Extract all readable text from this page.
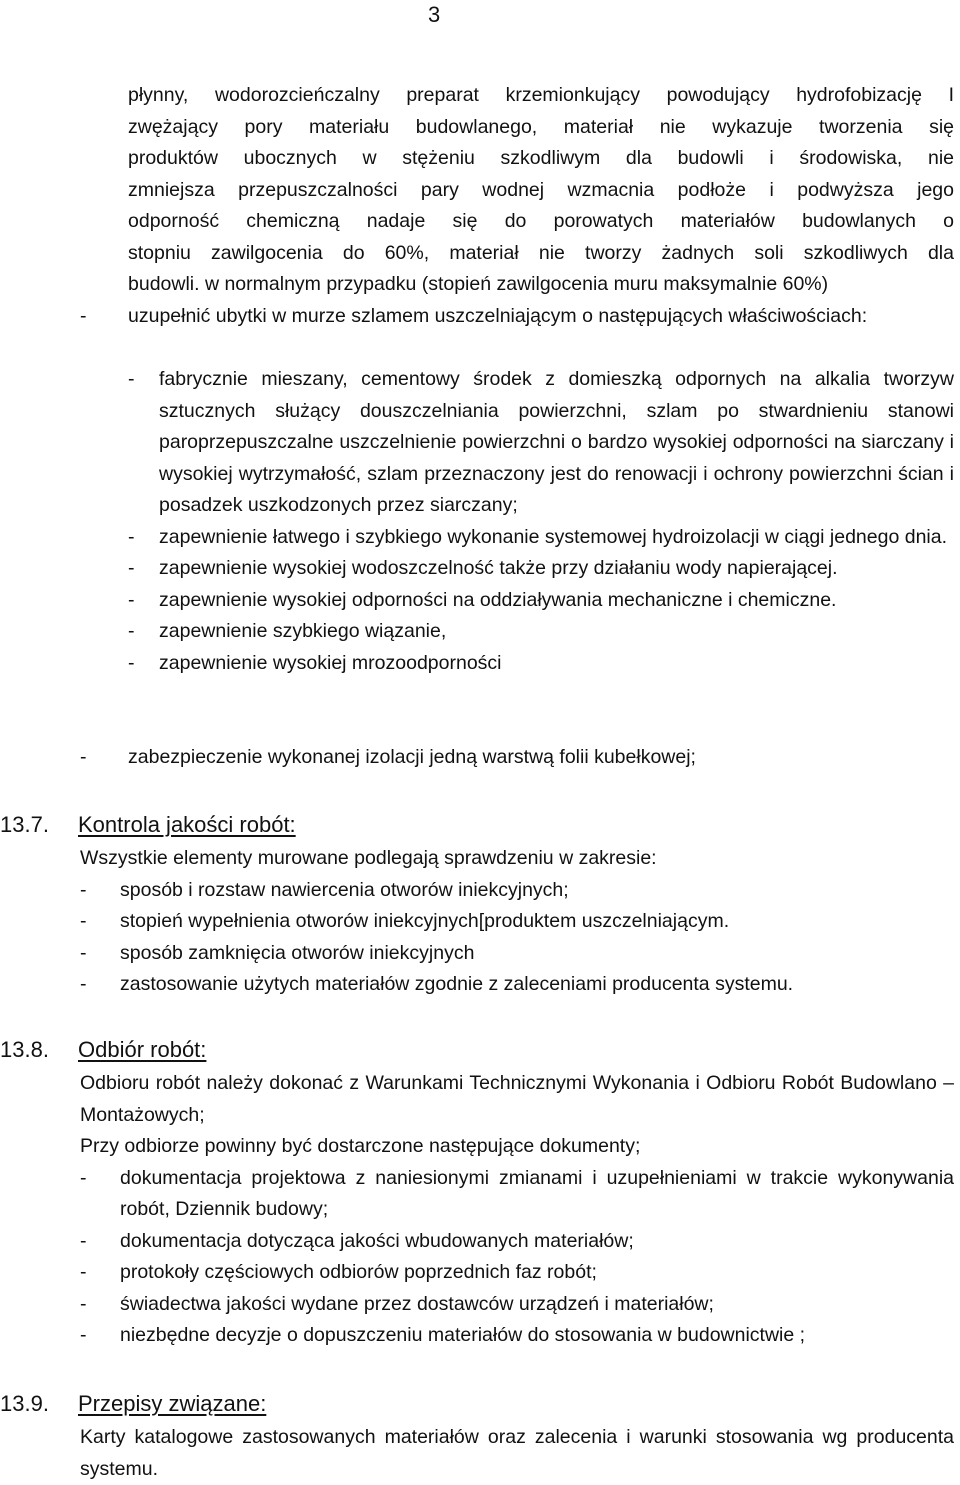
3
płynny, wodorozcieńczalny preparat krzemionkujący powodujący hydrofobizację I
zwężający pory materiału budowlanego, materiał nie wykazuje tworzenia się
produktów ubocznych w stężeniu szkodliwym dla budowli i środowiska, nie
zmniejsza przepuszczalności pary wodnej wzmacnia podłoże i podwyższa jego
odporność chemiczną nadaje się do porowatych materiałów budowlanych o
stopniu zawilgocenia do 60%, materiał nie tworzy żadnych soli szkodliwych dla
budowli. w normalnym przypadku (stopień zawilgocenia muru maksymalnie 60%)
-	uzupełnić ubytki w murze szlamem uszczelniającym o następujących właściwościach:
-	fabrycznie mieszany, cementowy środek z domieszką odpornych na alkalia tworzyw sztucznych służący douszczelniania powierzchni, szlam po stwardnieniu stanowi paroprzepuszczalne uszczelnienie powierzchni o bardzo wysokiej odporności na siarczany i wysokiej wytrzymałość, szlam przeznaczony jest do renowacji i ochrony powierzchni ścian i posadzek uszkodzonych przez siarczany;
-	zapewnienie łatwego i szybkiego wykonanie systemowej hydroizolacji w ciągi jednego dnia.
-	zapewnienie wysokiej wodoszczelność także przy działaniu wody napierającej.
-	zapewnienie wysokiej odporności na oddziaływania mechaniczne i chemiczne.
-	zapewnienie szybkiego wiązanie,
-	zapewnienie wysokiej mrozoodporności
-	zabezpieczenie wykonanej izolacji jedną warstwą folii kubełkowej;
13.7. Kontrola jakości robót:
Wszystkie elementy murowane podlegają sprawdzeniu w zakresie:
-	sposób i rozstaw nawiercenia otworów iniekcyjnych;
-	stopień wypełnienia otworów iniekcyjnych[produktem uszczelniającym.
-	sposób zamknięcia otworów iniekcyjnych
-	zastosowanie użytych materiałów zgodnie z zaleceniami producenta systemu.
13.8. Odbiór robót:
Odbioru robót należy dokonać z Warunkami Technicznymi Wykonania i Odbioru Robót Budowlano – Montażowych;
Przy odbiorze powinny być dostarczone następujące dokumenty;
-	dokumentacja projektowa z naniesionymi zmianami i uzupełnieniami w trakcie wykonywania robót, Dziennik budowy;
-	dokumentacja dotycząca jakości wbudowanych materiałów;
-	protokoły częściowych odbiorów poprzednich faz robót;
-	świadectwa jakości wydane przez dostawców urządzeń i materiałów;
-	niezbędne decyzje o dopuszczeniu materiałów do stosowania w budownictwie ;
13.9. Przepisy związane:
Karty katalogowe zastosowanych materiałów oraz zalecenia i warunki stosowania wg producenta systemu.
